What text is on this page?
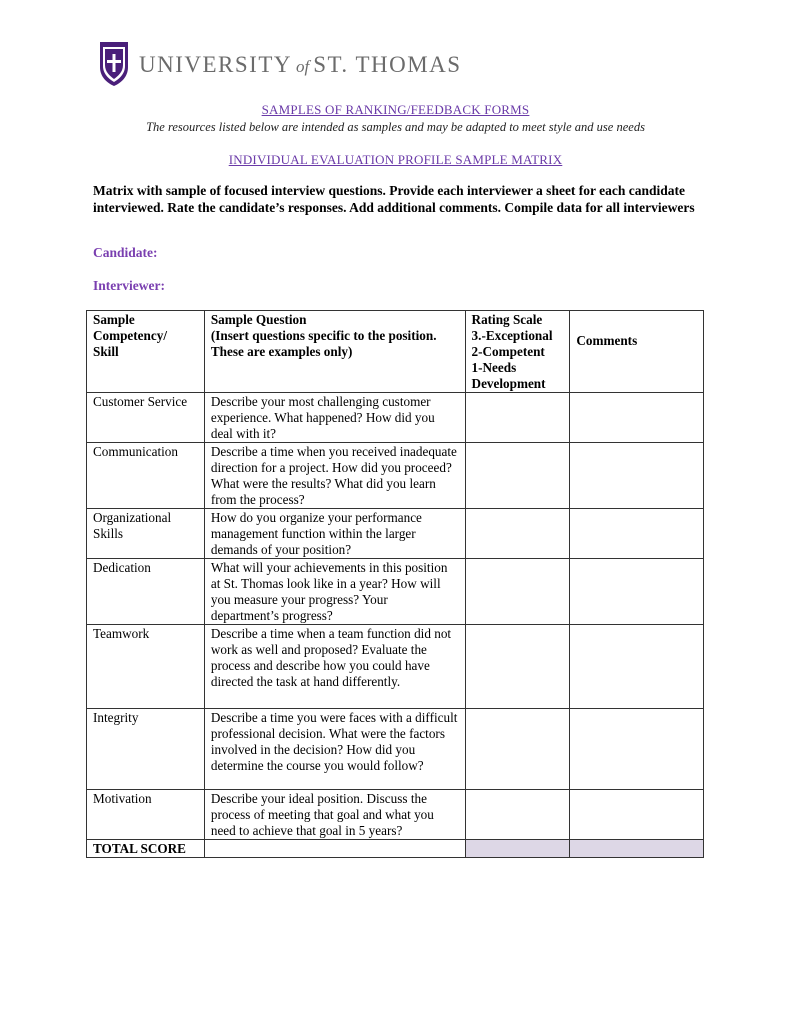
UNIVERSITY of ST. THOMAS
SAMPLES OF RANKING/FEEDBACK FORMS
The resources listed below are intended as samples and may be adapted to meet style and use needs
INDIVIDUAL EVALUATION PROFILE SAMPLE MATRIX
Matrix with sample of focused interview questions. Provide each interviewer a sheet for each candidate interviewed. Rate the candidate’s responses. Add additional comments. Compile data for all interviewers
Candidate:
Interviewer:
Sample
Competency/
Skill	Sample Question
(Insert questions specific to the position.
These are examples only)	Rating Scale
3.-Exceptional
2-Competent
1-Needs
Development	Comments
Customer Service	Describe your most challenging customer experience. What happened? How did you deal with it?		
Communication	Describe a time when you received inadequate direction for a project. How did you proceed? What were the results? What did you learn from the process?		
Organizational Skills	How do you organize your performance management function within the larger demands of your position?		
Dedication	What will your achievements in this position at St. Thomas look like in a year? How will you measure your progress? Your department’s progress?		
Teamwork	Describe a time when a team function did not work as well and proposed? Evaluate the process and describe how you could have directed the task at hand differently.		
Integrity	Describe a time you were faces with a difficult professional decision. What were the factors involved in the decision? How did you determine the course you would follow?		
Motivation	Describe your ideal position. Discuss the process of meeting that goal and what you need to achieve that goal in 5 years?		
TOTAL SCORE			
